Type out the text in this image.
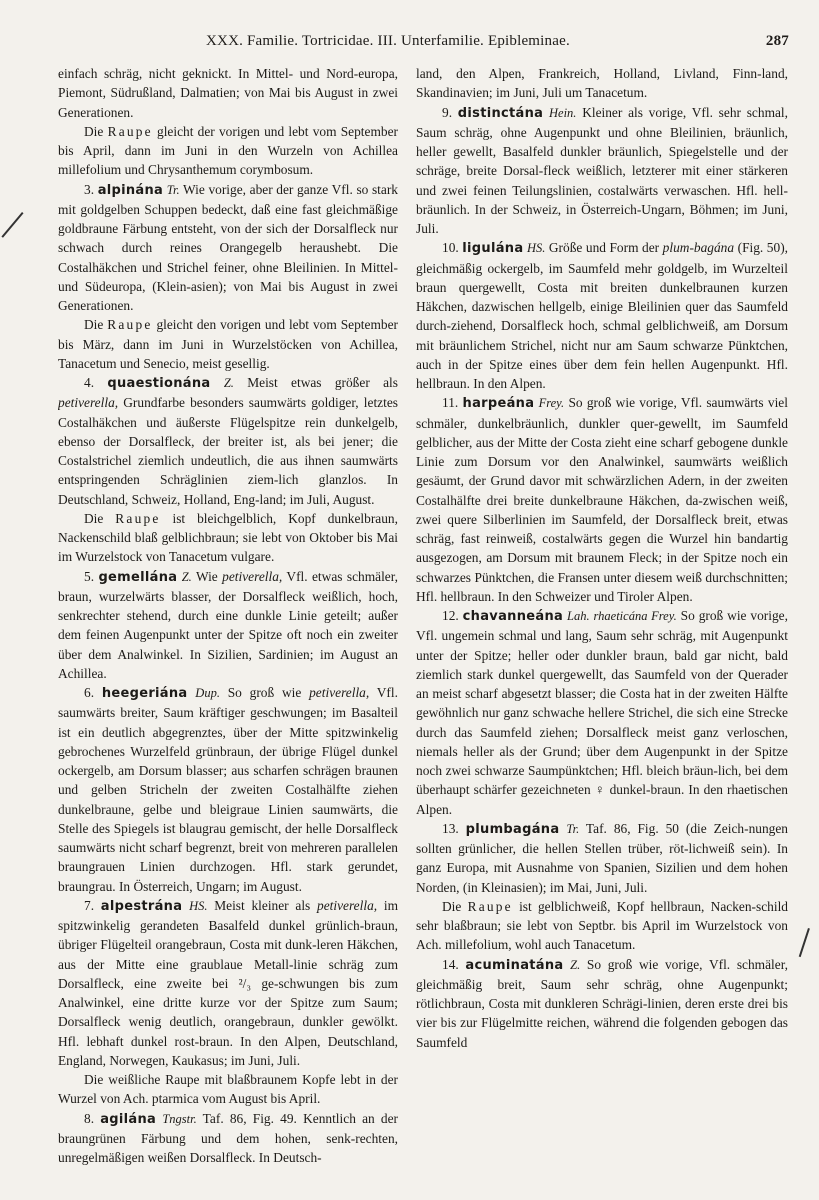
XXX. Familie. Tortricidae. III. Unterfamilie. Epibleminae.	287

einfach schräg, nicht geknickt. In Mittel- und Nord-europa, Piemont, Südrußland, Dalmatien; von Mai bis August in zwei Generationen.

Die Raupe gleicht der vorigen und lebt vom September bis April, dann im Juni in den Wurzeln von Achillea millefolium und Chrysanthemum corymbosum.

3. alpinána Tr. Wie vorige, aber der ganze Vfl. so stark mit goldgelben Schuppen bedeckt, daß eine fast gleichmäßige goldbraune Färbung entsteht, von der sich der Dorsalfleck nur schwach durch reines Orangegelb heraushebt. Die Costalhäkchen und Strichel feiner, ohne Bleilinien. In Mittel- und Südeuropa, (Klein-asien); von Mai bis August in zwei Generationen.

Die Raupe gleicht den vorigen und lebt vom September bis März, dann im Juni in Wurzelstöcken von Achillea, Tanacetum und Senecio, meist gesellig.

4. quaestionána Z. Meist etwas größer als petiverella, Grundfarbe besonders saumwärts goldiger, letztes Costalhäkchen und äußerste Flügelspitze rein dunkelgelb, ebenso der Dorsalfleck, der breiter ist, als bei jener; die Costalstrichel ziemlich undeutlich, die aus ihnen saumwärts entspringenden Schräglinien ziem-lich glanzlos. In Deutschland, Schweiz, Holland, Eng-land; im Juli, August.

Die Raupe ist bleichgelblich, Kopf dunkelbraun, Nackenschild blaß gelblichbraun; sie lebt von Oktober bis Mai im Wurzelstock von Tanacetum vulgare.

5. gemellána Z. Wie petiverella, Vfl. etwas schmäler, braun, wurzelwärts blasser, der Dorsalfleck weißlich, hoch, senkrechter stehend, durch eine dunkle Linie geteilt; außer dem feinen Augenpunkt unter der Spitze oft noch ein zweiter über dem Analwinkel. In Sizilien, Sardinien; im August an Achillea.

6. heegeriána Dup. So groß wie petiverella, Vfl. saumwärts breiter, Saum kräftiger geschwungen; im Basalteil ist ein deutlich abgegrenztes, über der Mitte spitzwinkelig gebrochenes Wurzelfeld grünbraun, der übrige Flügel dunkel ockergelb, am Dorsum blasser; aus scharfen schrägen braunen und gelben Stricheln der zweiten Costalhälfte ziehen dunkelbraune, gelbe und bleigraue Linien saumwärts, die Stelle des Spiegels ist blaugrau gemischt, der helle Dorsalfleck saumwärts nicht scharf begrenzt, breit von mehreren parallelen braungrauen Linien durchzogen. Hfl. stark gerundet, braungrau. In Österreich, Ungarn; im August.

7. alpestrána HS. Meist kleiner als petiverella, im spitzwinkelig gerandeten Basalfeld dunkel grünlich-braun, übriger Flügelteil orangebraun, Costa mit dunk-leren Häkchen, aus der Mitte eine graublaue Metall-linie schräg zum Dorsalfleck, eine zweite bei ²/₃ ge-schwungen bis zum Analwinkel, eine dritte kurze vor der Spitze zum Saum; Dorsalfleck wenig deutlich, orangebraun, dunkler gewölkt. Hfl. lebhaft dunkel rost-braun. In den Alpen, Deutschland, England, Norwegen, Kaukasus; im Juni, Juli.

Die weißliche Raupe mit blaßbraunem Kopfe lebt in der Wurzel von Ach. ptarmica vom August bis April.

8. agilána Tngstr. Taf. 86, Fig. 49. Kenntlich an der braungrünen Färbung und dem hohen, senk-rechten, unregelmäßigen weißen Dorsalfleck. In Deutsch-

land, den Alpen, Frankreich, Holland, Livland, Finn-land, Skandinavien; im Juni, Juli um Tanacetum.

9. distinctána Hein. Kleiner als vorige, Vfl. sehr schmal, Saum schräg, ohne Augenpunkt und ohne Bleilinien, bräunlich, heller gewellt, Basalfeld dunkler bräunlich, Spiegelstelle und der schräge, breite Dorsal-fleck weißlich, letzterer mit einer stärkeren und zwei feinen Teilungslinien, costalwärts verwaschen. Hfl. hell-bräunlich. In der Schweiz, in Österreich-Ungarn, Böhmen; im Juni, Juli.

10. ligulána HS. Größe und Form der plum-bagána (Fig. 50), gleichmäßig ockergelb, im Saumfeld mehr goldgelb, im Wurzelteil braun quergewellt, Costa mit breiten dunkelbraunen kurzen Häkchen, dazwischen hellgelb, einige Bleilinien quer das Saumfeld durch-ziehend, Dorsalfleck hoch, schmal gelblichweiß, am Dorsum mit bräunlichem Strichel, nicht nur am Saum schwarze Pünktchen, auch in der Spitze eines über dem fein hellen Augenpunkt. Hfl. hellbraun. In den Alpen.

11. harpeána Frey. So groß wie vorige, Vfl. saumwärts viel schmäler, dunkelbräunlich, dunkler quer-gewellt, im Saumfeld gelblicher, aus der Mitte der Costa zieht eine scharf gebogene dunkle Linie zum Dorsum vor den Analwinkel, saumwärts weißlich gesäumt, der Grund davor mit schwärzlichen Adern, in der zweiten Costalhälfte drei breite dunkelbraune Häkchen, da-zwischen weiß, zwei quere Silberlinien im Saumfeld, der Dorsalfleck breit, etwas schräg, fast reinweiß, costalwärts gegen die Wurzel hin bandartig ausgezogen, am Dorsum mit braunem Fleck; in der Spitze noch ein schwarzes Pünktchen, die Fransen unter diesem weiß durchschnitten; Hfl. hellbraun. In den Schweizer und Tiroler Alpen.

12. chavanneána Lah. rhaeticána Frey. So groß wie vorige, Vfl. ungemein schmal und lang, Saum sehr schräg, mit Augenpunkt unter der Spitze; heller oder dunkler braun, bald gar nicht, bald ziemlich stark dunkel quergewellt, das Saumfeld von der Querader an meist scharf abgesetzt blasser; die Costa hat in der zweiten Hälfte gewöhnlich nur ganz schwache hellere Strichel, die sich eine Strecke durch das Saumfeld ziehen; Dorsalfleck meist ganz verloschen, niemals heller als der Grund; über dem Augenpunkt in der Spitze noch zwei schwarze Saumpünktchen; Hfl. bleich bräun-lich, bei dem überhaupt schärfer gezeichneten ♀ dunkel-braun. In den rhaetischen Alpen.

13. plumbagána Tr. Taf. 86, Fig. 50 (die Zeich-nungen sollten grünlicher, die hellen Stellen trüber, röt-lichweiß sein). In ganz Europa, mit Ausnahme von Spanien, Sizilien und dem hohen Norden, (in Kleinasien); im Mai, Juni, Juli.

Die Raupe ist gelblichweiß, Kopf hellbraun, Nacken-schild sehr blaßbraun; sie lebt von Septbr. bis April im Wurzelstock von Ach. millefolium, wohl auch Tanacetum.

14. acuminatána Z. So groß wie vorige, Vfl. schmäler, gleichmäßig breit, Saum sehr schräg, ohne Augenpunkt; rötlichbraun, Costa mit dunkleren Schrägi-linien, deren erste drei bis vier bis zur Flügelmitte reichen, während die folgenden gebogen das Saumfeld
